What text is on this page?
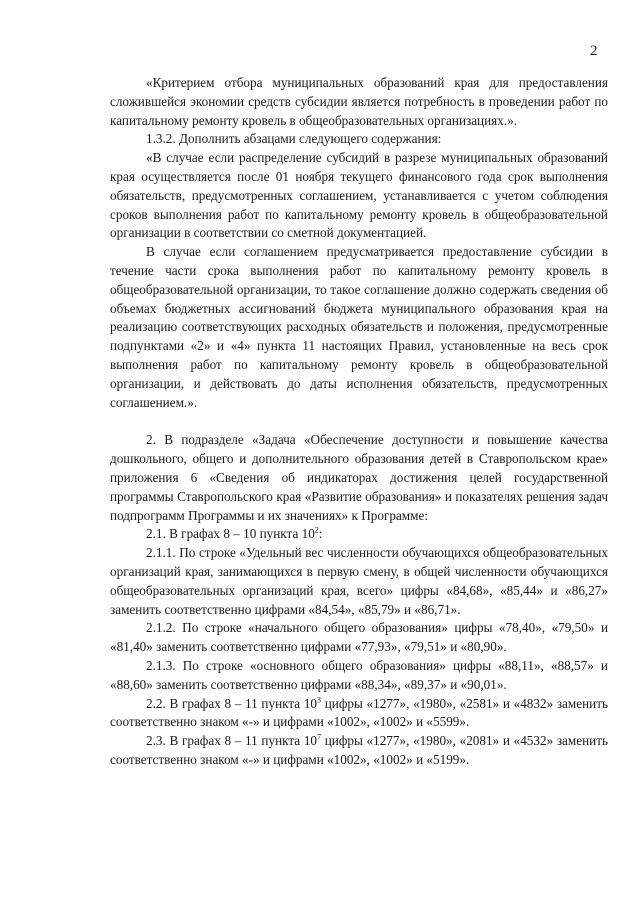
2

«Критерием отбора муниципальных образований края для предоставления сложившейся экономии средств субсидии является потребность в проведении работ по капитальному ремонту кровель в общеобразовательных организациях.».

1.3.2. Дополнить абзацами следующего содержания:

«В случае если распределение субсидий в разрезе муниципальных образований края осуществляется после 01 ноября текущего финансового года срок выполнения обязательств, предусмотренных соглашением, устанавливается с учетом соблюдения сроков выполнения работ по капитальному ремонту кровель в общеобразовательной организации в соответствии со сметной документацией.

В случае если соглашением предусматривается предоставление субсидии в течение части срока выполнения работ по капитальному ремонту кровель в общеобразовательной организации, то такое соглашение должно содержать сведения об объемах бюджетных ассигнований бюджета муниципального образования края на реализацию соответствующих расходных обязательств и положения, предусмотренные подпунктами «2» и «4» пункта 11 настоящих Правил, установленные на весь срок выполнения работ по капитальному ремонту кровель в общеобразовательной организации, и действовать до даты исполнения обязательств, предусмотренных соглашением.».

2. В подразделе «Задача «Обеспечение доступности и повышение качества дошкольного, общего и дополнительного образования детей в Ставропольском крае» приложения 6 «Сведения об индикаторах достижения целей государственной программы Ставропольского края «Развитие образования» и показателях решения задач подпрограмм Программы и их значениях» к Программе:

2.1. В графах 8 – 10 пункта $10^2$:

2.1.1. По строке «Удельный вес численности обучающихся общеобразовательных организаций края, занимающихся в первую смену, в общей численности обучающихся общеобразовательных организаций края, всего» цифры «84,68», «85,44» и «86,27» заменить соответственно цифрами «84,54», «85,79» и «86,71».

2.1.2. По строке «начального общего образования» цифры «78,40», «79,50» и «81,40» заменить соответственно цифрами «77,93», «79,51» и «80,90».

2.1.3. По строке «основного общего образования» цифры «88,11», «88,57» и «88,60» заменить соответственно цифрами «88,34», «89,37» и «90,01».

2.2. В графах 8 – 11 пункта $10^3$ цифры «1277», «1980», «2581» и «4832» заменить соответственно знаком «-» и цифрами «1002», «1002» и «5599».

2.3. В графах 8 – 11 пункта $10^7$ цифры «1277», «1980», «2081» и «4532» заменить соответственно знаком «-» и цифрами «1002», «1002» и «5199».
